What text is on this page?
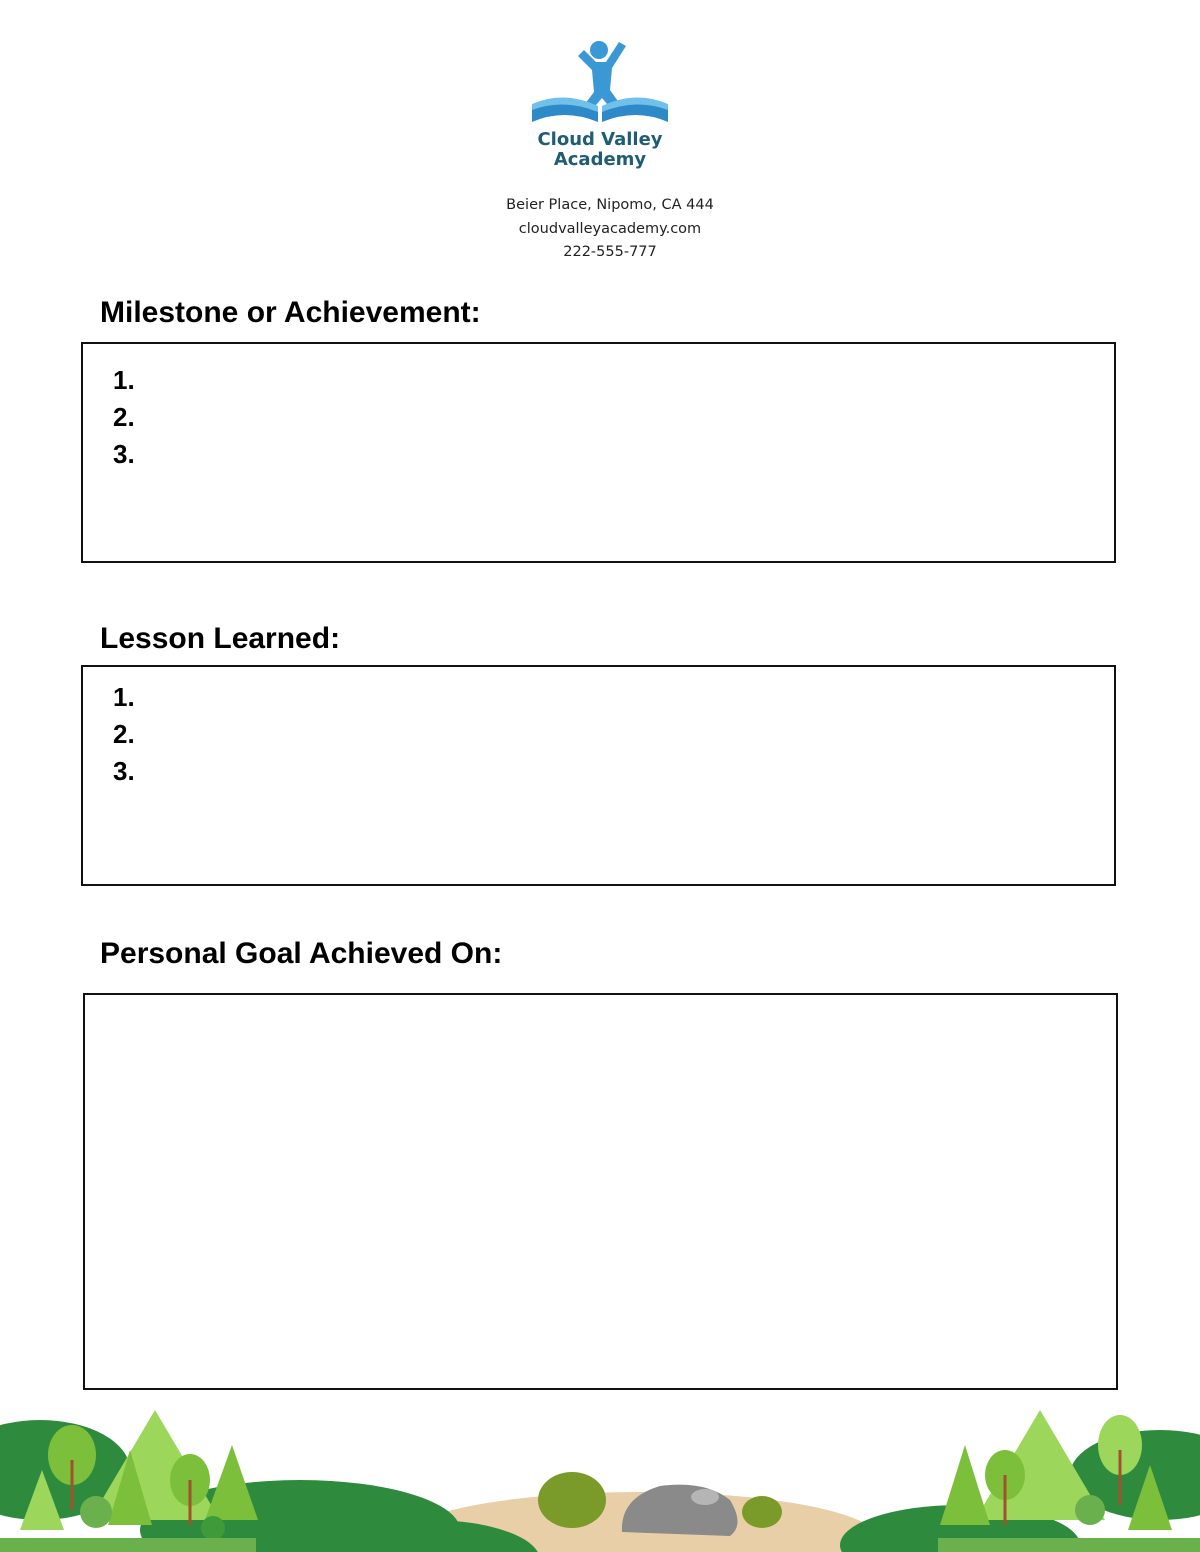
Cloud Valley
Academy
Beier Place, Nipomo, CA 444
cloudvalleyacademy.com
222-555-777
Milestone or Achievement:
1.
2.
3.
Lesson Learned:
1.
2.
3.
Personal Goal Achieved On:
